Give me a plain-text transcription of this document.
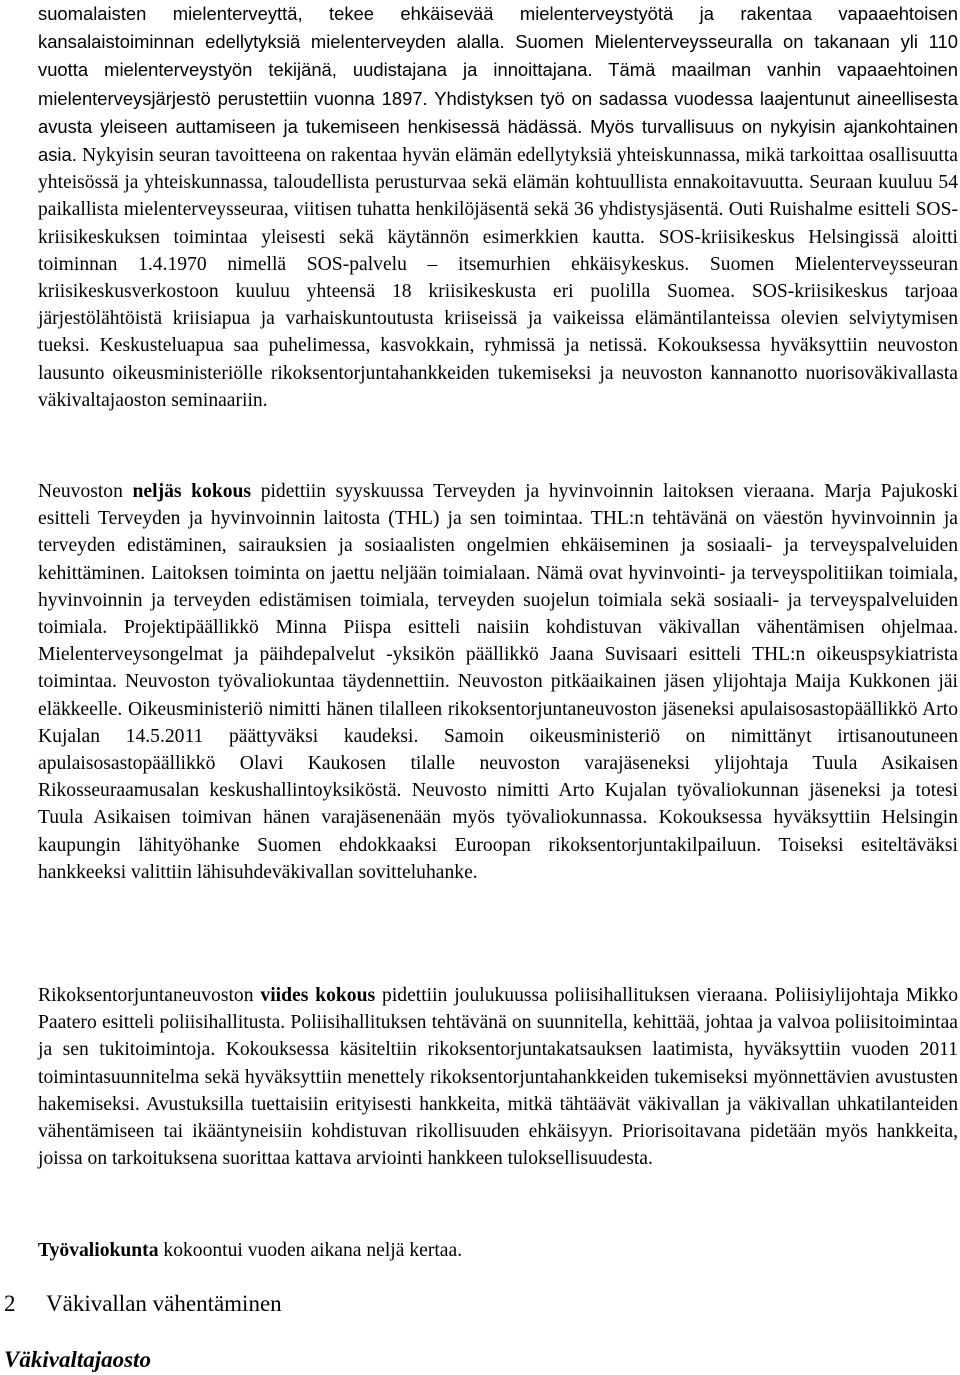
suomalaisten mielenterveyttä, tekee ehkäisevää mielenterveystyötä ja rakentaa vapaaehtoisen kansalaistoiminnan edellytyksiä mielenterveyden alalla. Suomen Mielenterveysseuralla on takanaan yli 110 vuotta mielenterveystyön tekijänä, uudistajana ja innoittajana. Tämä maailman vanhin vapaaehtoinen mielenterveysjärjestö perustettiin vuonna 1897. Yhdistyksen työ on sadassa vuodessa laajentunut aineellisesta avusta yleiseen auttamiseen ja tukemiseen henkisessä hädässä. Myös turvallisuus on nykyisin ajankohtainen asia. Nykyisin seuran tavoitteena on rakentaa hyvän elämän edellytyksiä yhteiskunnassa, mikä tarkoittaa osallisuutta yhteisössä ja yhteiskunnassa, taloudellista perusturvaa sekä elämän kohtuullista ennakoitavuutta. Seuraan kuuluu 54 paikallista mielenterveysseuraa, viitisen tuhatta henkilöjäsentä sekä 36 yhdistysjäsentä. Outi Ruishalme esitteli SOS-kriisikeskuksen toimintaa yleisesti sekä käytännön esimerkkien kautta. SOS-kriisikeskus Helsingissä aloitti toiminnan 1.4.1970 nimellä SOS-palvelu – itsemurhien ehkäisykeskus. Suomen Mielenterveysseuran kriisikeskusverkostoon kuuluu yhteensä 18 kriisikeskusta eri puolilla Suomea. SOS-kriisikeskus tarjoaa järjestölähtöistä kriisiapua ja varhaiskuntoutusta kriiseissä ja vaikeissa elämäntilanteissa olevien selviytymisen tueksi. Keskusteluapua saa puhelimessa, kasvokkain, ryhmissä ja netissä. Kokouksessa hyväksyttiin neuvoston lausunto oikeusministeriölle rikoksentorjuntahankkeiden tukemiseksi ja neuvoston kannanotto nuorisoväkivallasta väkivaltajaoston seminaariin.

Neuvoston neljäs kokous pidettiin syyskuussa Terveyden ja hyvinvoinnin laitoksen vieraana. Marja Pajukoski esitteli Terveyden ja hyvinvoinnin laitosta (THL) ja sen toimintaa. THL:n tehtävänä on väestön hyvinvoinnin ja terveyden edistäminen, sairauksien ja sosiaalisten ongelmien ehkäiseminen ja sosiaali- ja terveyspalveluiden kehittäminen. Laitoksen toiminta on jaettu neljään toimialaan. Nämä ovat hyvinvointi- ja terveyspolitiikan toimiala, hyvinvoinnin ja terveyden edistämisen toimiala, terveyden suojelun toimiala sekä sosiaali- ja terveyspalveluiden toimiala. Projektipäällikkö Minna Piispa esitteli naisiin kohdistuvan väkivallan vähentämisen ohjelmaa. Mielenterveysongelmat ja päihdepalvelut -yksikön päällikkö Jaana Suvisaari esitteli THL:n oikeuspsykiatrista toimintaa. Neuvoston työvaliokuntaa täydennettiin. Neuvoston pitkäaikainen jäsen ylijohtaja Maija Kukkonen jäi eläkkeelle. Oikeusministeriö nimitti hänen tilalleen rikoksentorjuntaneuvoston jäseneksi apulaisosastopäällikkö Arto Kujalan 14.5.2011 päättyväksi kaudeksi. Samoin oikeusministeriö on nimittänyt irtisanoutuneen apulaisosastopäällikkö Olavi Kaukosen tilalle neuvoston varajäseneksi ylijohtaja Tuula Asikaisen Rikosseuraamusalan keskushallintoyksiköstä. Neuvosto nimitti Arto Kujalan työvaliokunnan jäseneksi ja totesi Tuula Asikaisen toimivan hänen varajäsenenään myös työvaliokunnassa. Kokouksessa hyväksyttiin Helsingin kaupungin lähityöhanke Suomen ehdokkaaksi Euroopan rikoksentorjuntakilpailuun. Toiseksi esiteltäväksi hankkeeksi valittiin lähisuhdeväkivallan sovitteluhanke.

Rikoksentorjuntaneuvoston viides kokous pidettiin joulukuussa poliisihallituksen vieraana. Poliisiylijohtaja Mikko Paatero esitteli poliisihallitusta. Poliisihallituksen tehtävänä on suunnitella, kehittää, johtaa ja valvoa poliisitoimintaa ja sen tukitoimintoja. Kokouksessa käsiteltiin rikoksentorjuntakatsauksen laatimista, hyväksyttiin vuoden 2011 toimintasuunnitelma sekä hyväksyttiin menettely rikoksentorjuntahankkeiden tukemiseksi myönnettävien avustusten hakemiseksi. Avustuksilla tuettaisiin erityisesti hankkeita, mitkä tähtäävät väkivallan ja väkivallan uhkatilanteiden vähentämiseen tai ikääntyneisiin kohdistuvan rikollisuuden ehkäisyyn. Priorisoitavana pidetään myös hankkeita, joissa on tarkoituksena suorittaa kattava arviointi hankkeen tuloksellisuudesta.

Työvaliokunta kokoontui vuoden aikana neljä kertaa.

2 Väkivallan vähentäminen
Väkivaltajaosto
